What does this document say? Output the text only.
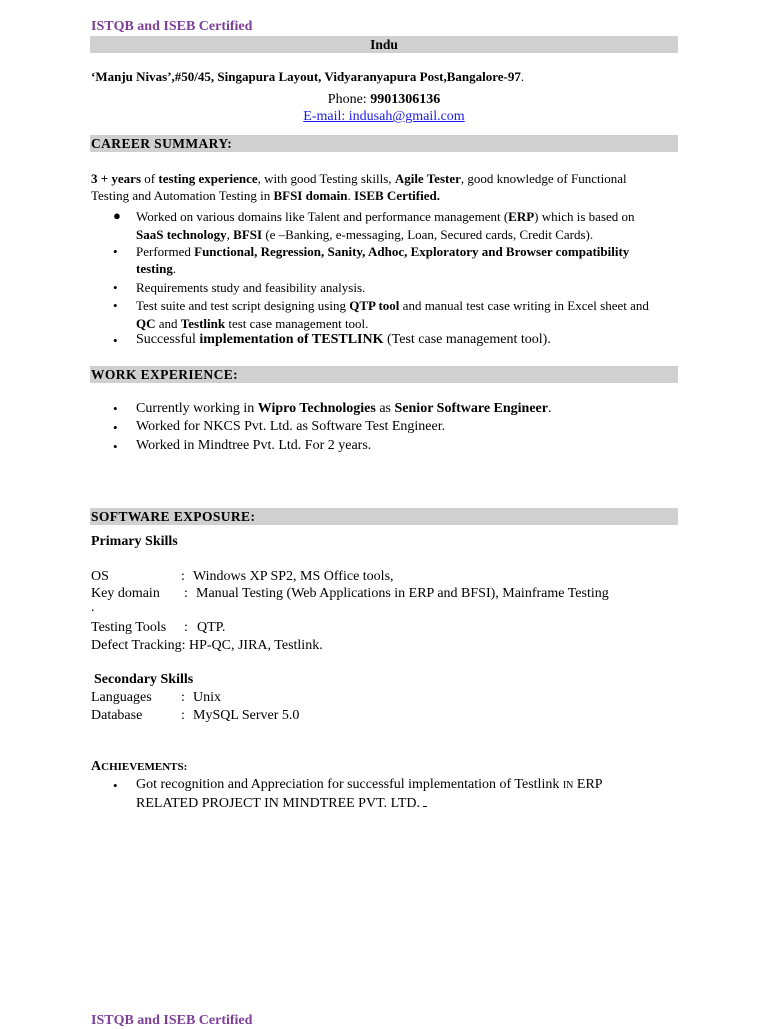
ISTQB and ISEB Certified
Indu
‘Manju Nivas’,#50/45, Singapura Layout, Vidyaranyapura Post,Bangalore-97.
Phone: 9901306136
E-mail: indusah@gmail.com
CAREER SUMMARY:
3 + years of testing experience, with good Testing skills, Agile Tester, good knowledge of Functional
Testing and Automation Testing in BFSI domain. ISEB Certified.
● Worked on various domains like Talent and performance management (ERP) which is based on
SaaS technology, BFSI (e –Banking, e-messaging, Loan, Secured cards, Credit Cards).
• Performed Functional, Regression, Sanity, Adhoc, Exploratory and Browser compatibility
testing.
• Requirements study and feasibility analysis.
• Test suite and test script designing using QTP tool and manual test case writing in Excel sheet and
QC and Testlink test case management tool.
• Successful implementation of TESTLINK (Test case management tool).
WORK EXPERIENCE:
• Currently working in Wipro Technologies as Senior Software Engineer.
• Worked for NKCS Pvt. Ltd. as Software Test Engineer.
• Worked in Mindtree Pvt. Ltd. For 2 years.
SOFTWARE EXPOSURE:
Primary Skills
OS	: Windows XP SP2, MS Office tools,
Key domain : Manual Testing (Web Applications in ERP and BFSI), Mainframe Testing
.
Testing Tools : QTP.
Defect Tracking: HP-QC, JIRA, Testlink.
Secondary Skills
Languages : Unix
Database	: MySQL Server 5.0
ACHIEVEMENTS:
• Got recognition and Appreciation for successful implementation of Testlink IN ERP
RELATED PROJECT IN MINDTREE PVT. LTD.
ISTQB and ISEB Certified
